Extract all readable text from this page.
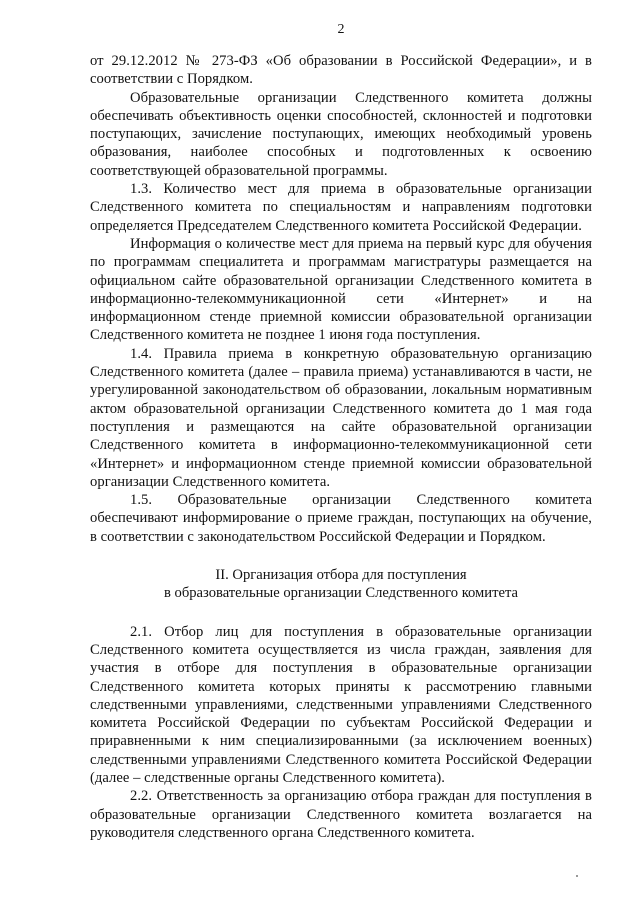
2

от 29.12.2012 № 273-ФЗ «Об образовании в Российской Федерации», и в соответствии с Порядком.

Образовательные организации Следственного комитета должны обеспечивать объективность оценки способностей, склонностей и подготовки поступающих, зачисление поступающих, имеющих необходимый уровень образования, наиболее способных и подготовленных к освоению соответствующей образовательной программы.

1.3. Количество мест для приема в образовательные организации Следственного комитета по специальностям и направлениям подготовки определяется Председателем Следственного комитета Российской Федерации.

Информация о количестве мест для приема на первый курс для обучения по программам специалитета и программам магистратуры размещается на официальном сайте образовательной организации Следственного комитета в информационно-телекоммуникационной сети «Интернет» и на информационном стенде приемной комиссии образовательной организации Следственного комитета не позднее 1 июня года поступления.

1.4. Правила приема в конкретную образовательную организацию Следственного комитета (далее – правила приема) устанавливаются в части, не урегулированной законодательством об образовании, локальным нормативным актом образовательной организации Следственного комитета до 1 мая года поступления и размещаются на сайте образовательной организации Следственного комитета в информационно-телекоммуникационной сети «Интернет» и информационном стенде приемной комиссии образовательной организации Следственного комитета.

1.5. Образовательные организации Следственного комитета обеспечивают информирование о приеме граждан, поступающих на обучение, в соответствии с законодательством Российской Федерации и Порядком.

II. Организация отбора для поступления
в образовательные организации Следственного комитета

2.1. Отбор лиц для поступления в образовательные организации Следственного комитета осуществляется из числа граждан, заявления для участия в отборе для поступления в образовательные организации Следственного комитета которых приняты к рассмотрению главными следственными управлениями, следственными управлениями Следственного комитета Российской Федерации по субъектам Российской Федерации и приравненными к ним специализированными (за исключением военных) следственными управлениями Следственного комитета Российской Федерации (далее – следственные органы Следственного комитета).

2.2. Ответственность за организацию отбора граждан для поступления в образовательные организации Следственного комитета возлагается на руководителя следственного органа Следственного комитета.
